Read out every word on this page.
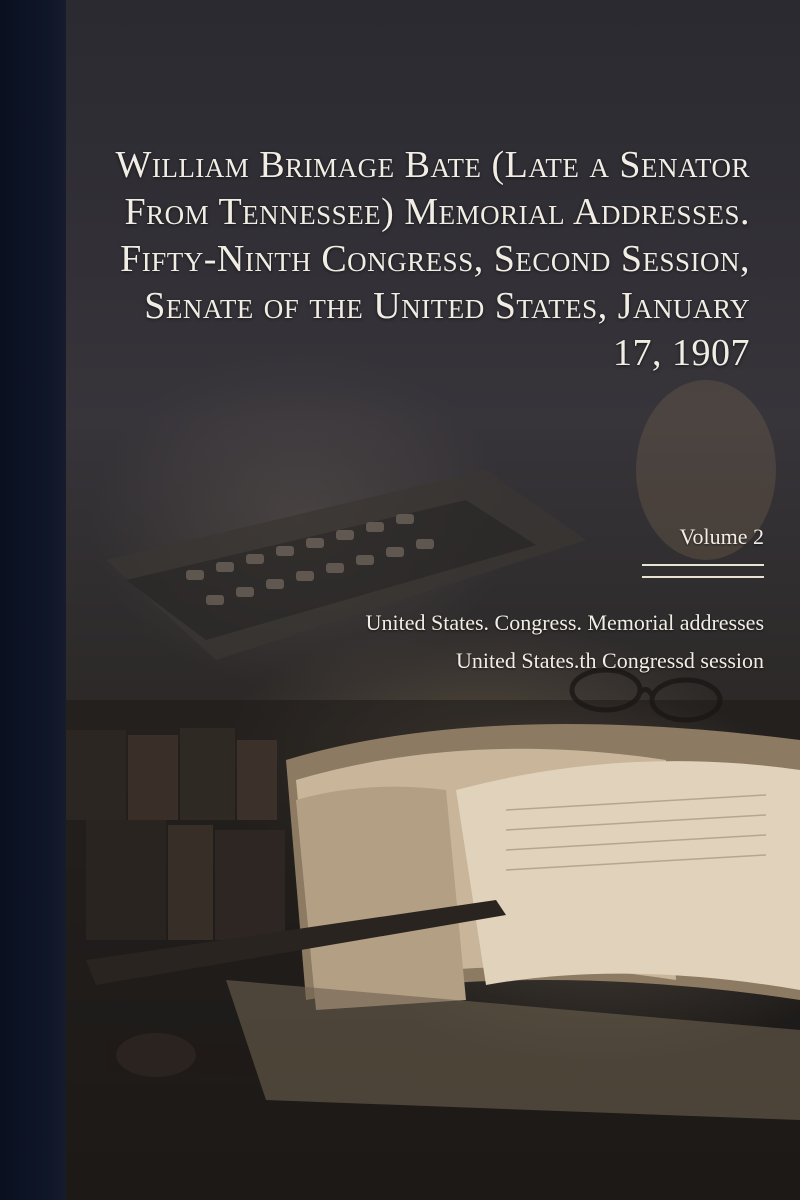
William Brimage Bate (Late a Senator From Tennessee) Memorial Addresses. Fifty-Ninth Congress, Second Session, Senate of the United States, January 17, 1907
Volume 2
United States. Congress. Memorial addresses
United States.th Congressd session
